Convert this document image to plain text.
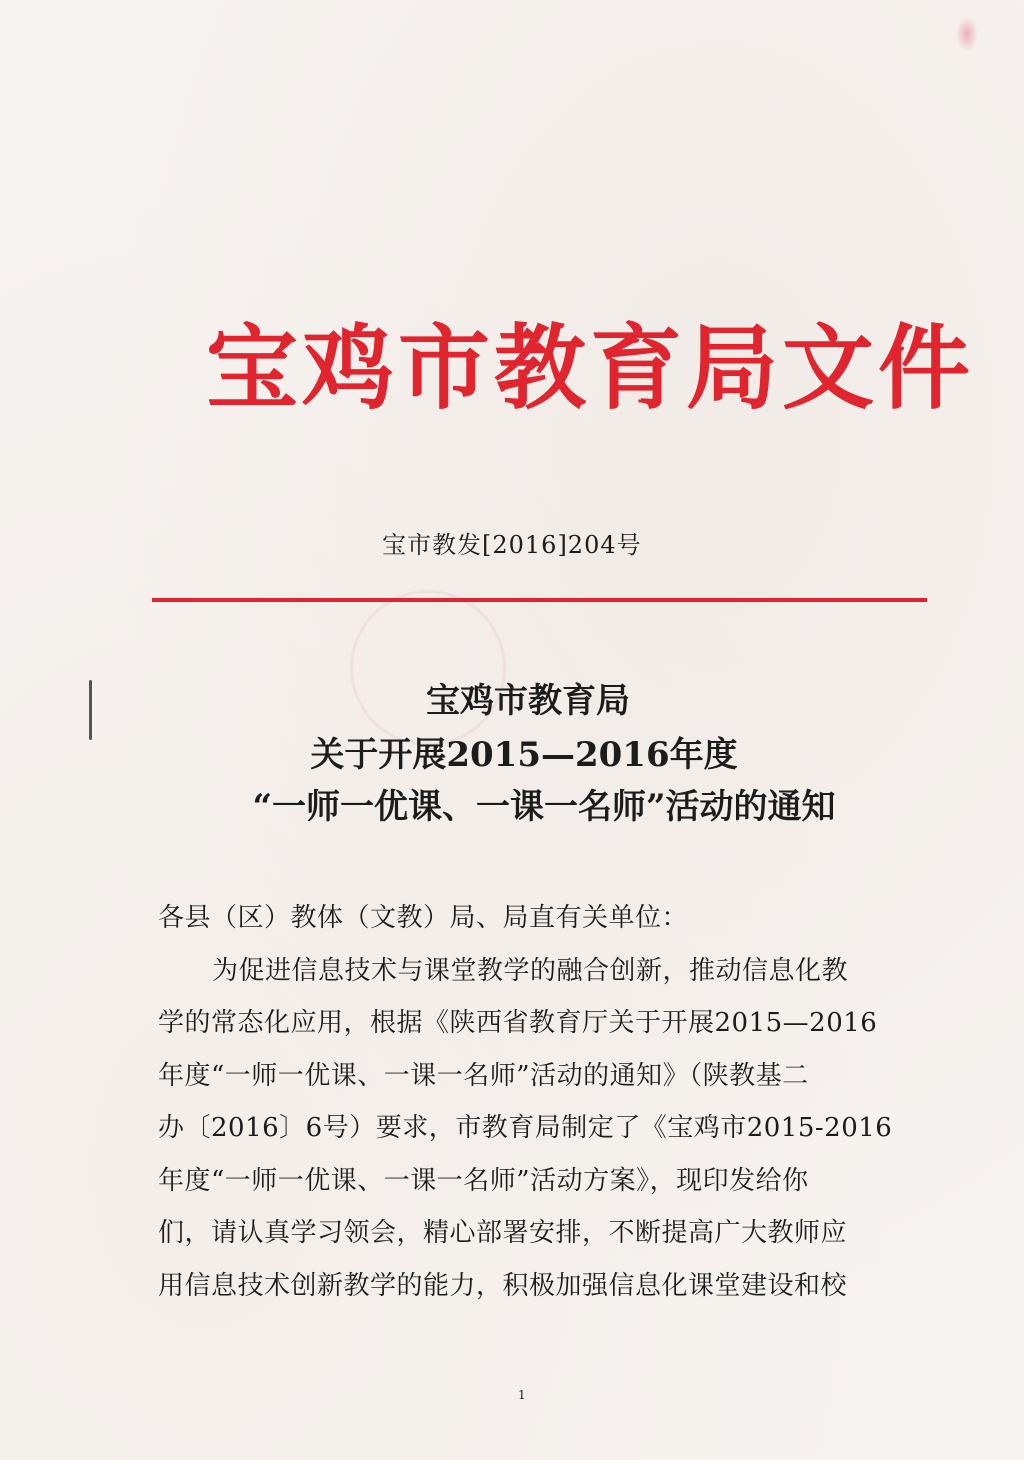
宝鸡市教育局文件
宝市教发[2016]204号
宝鸡市教育局
关于开展2015—2016年度
“一师一优课、一课一名师”活动的通知
各县（区）教体（文教）局、局直有关单位：
为促进信息技术与课堂教学的融合创新，推动信息化教
学的常态化应用，根据《陕西省教育厅关于开展2015—2016
年度“一师一优课、一课一名师”活动的通知》（陕教基二
办〔2016〕6号）要求，市教育局制定了《宝鸡市2015-2016
年度“一师一优课、一课一名师”活动方案》，现印发给你
们，请认真学习领会，精心部署安排，不断提高广大教师应
用信息技术创新教学的能力，积极加强信息化课堂建设和校
1
